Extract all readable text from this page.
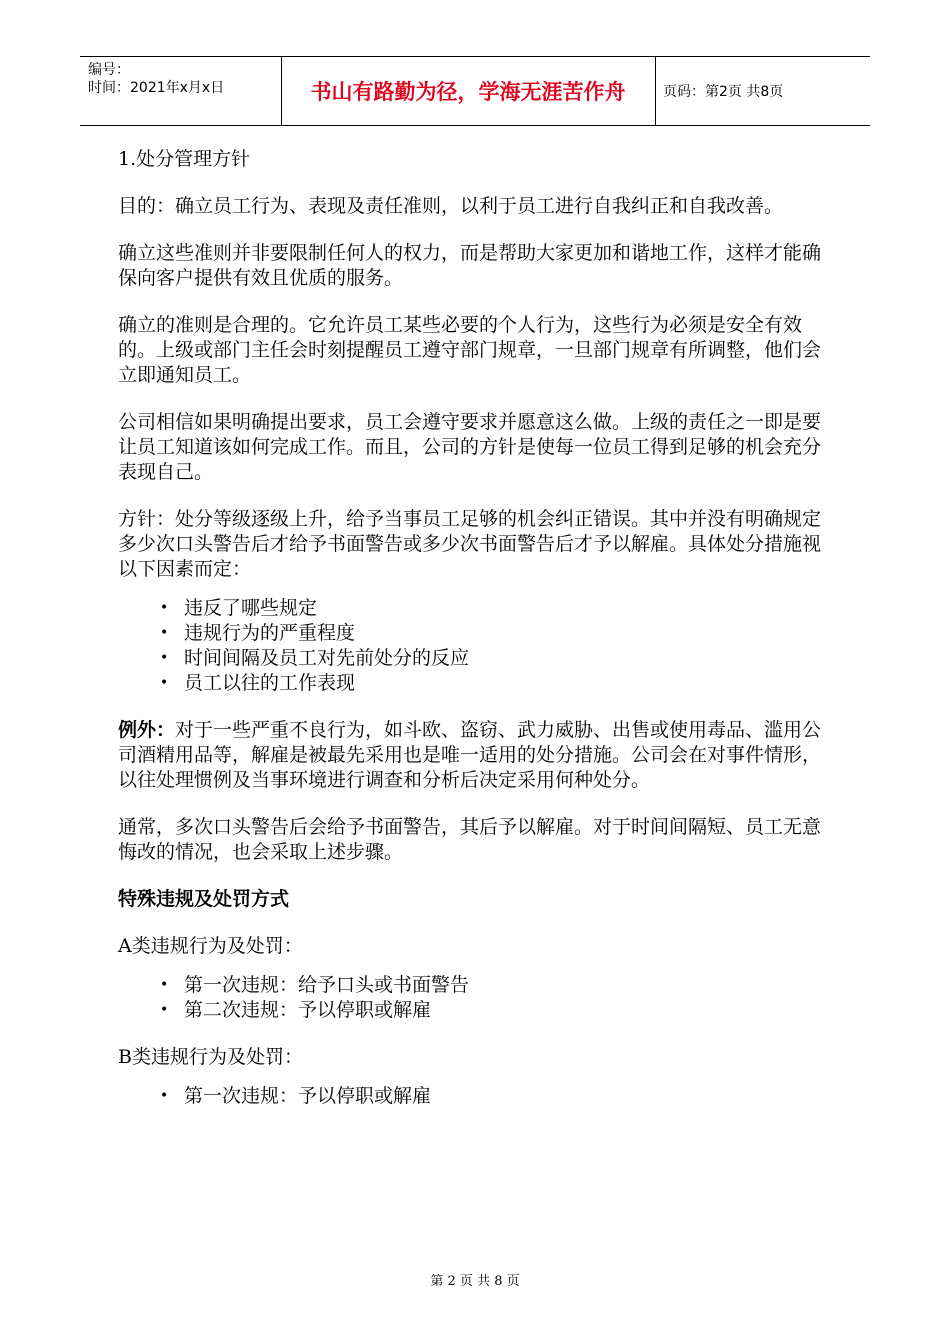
编号：
时间：2021年x月x日	书山有路勤为径，学海无涯苦作舟	页码：第2页 共8页

1.处分管理方针

目的：确立员工行为、表现及责任准则，以利于员工进行自我纠正和自我改善。

确立这些准则并非要限制任何人的权力，而是帮助大家更加和谐地工作，这样才能确保向客户提供有效且优质的服务。

确立的准则是合理的。它允许员工某些必要的个人行为，这些行为必须是安全有效的。上级或部门主任会时刻提醒员工遵守部门规章，一旦部门规章有所调整，他们会立即通知员工。

公司相信如果明确提出要求，员工会遵守要求并愿意这么做。上级的责任之一即是要让员工知道该如何完成工作。而且，公司的方针是使每一位员工得到足够的机会充分表现自己。

方针：处分等级逐级上升，给予当事员工足够的机会纠正错误。其中并没有明确规定多少次口头警告后才给予书面警告或多少次书面警告后才予以解雇。具体处分措施视以下因素而定：

• 违反了哪些规定
• 违规行为的严重程度
• 时间间隔及员工对先前处分的反应
• 员工以往的工作表现

例外：对于一些严重不良行为，如斗欧、盗窃、武力威胁、出售或使用毒品、滥用公司酒精用品等，解雇是被最先采用也是唯一适用的处分措施。公司会在对事件情形，以往处理惯例及当事环境进行调查和分析后决定采用何种处分。

通常，多次口头警告后会给予书面警告，其后予以解雇。对于时间间隔短、员工无意悔改的情况，也会采取上述步骤。

特殊违规及处罚方式

A类违规行为及处罚：

• 第一次违规：给予口头或书面警告
• 第二次违规：予以停职或解雇

B类违规行为及处罚：

• 第一次违规：予以停职或解雇
第 2 页 共 8 页
